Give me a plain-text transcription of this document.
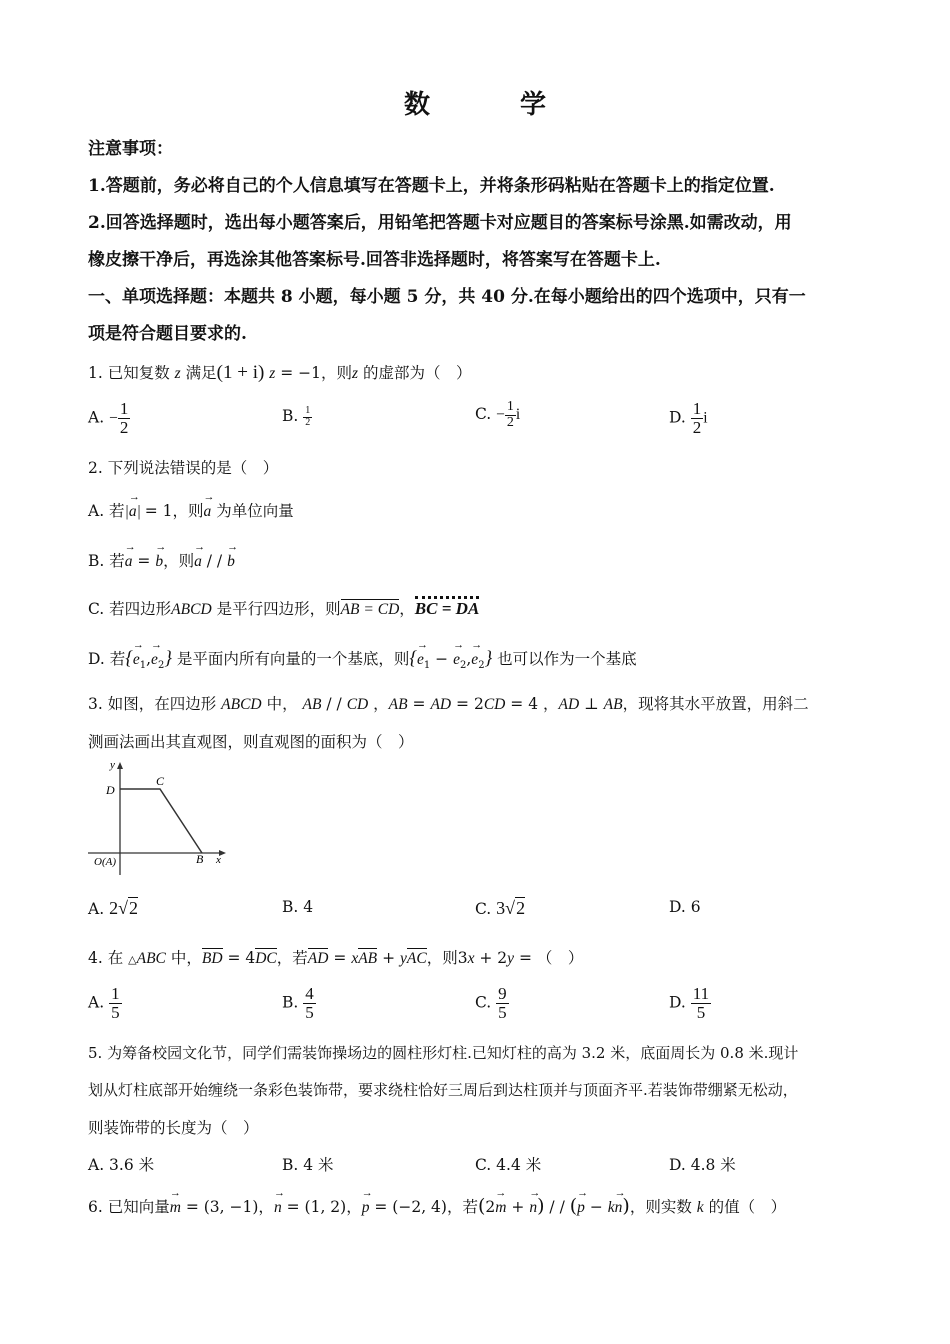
数	学
注意事项：
1.答题前，务必将自己的个人信息填写在答题卡上，并将条形码粘贴在答题卡上的指定位置.
2.回答选择题时，选出每小题答案后，用铅笔把答题卡对应题目的答案标号涂黑.如需改动，用
橡皮擦干净后，再选涂其他答案标号.回答非选择题时，将答案写在答题卡上.
一、单项选择题：本题共 8 小题，每小题 5 分，共 40 分.在每小题给出的四个选项中，只有一
项是符合题目要求的.
1. 已知复数 z 满足(1 + i) z = −1，则z 的虚部为（　）
A. − $\frac{1}{2}$	B. $\frac{1}{2}$	C. − $\frac{1}{2}$ i	D. $\frac{1}{2}$ i
2. 下列说法错误的是（　）
A. 若|→ a| = 1，则→ a 为单位向量
B. 若→ a = → b，则→ a / / → b
C. 若四边形ABCD 是平行四边形，则AB = CD，BC = DA
D. 若{→ $e_1,\to e_2$} 是平面内所有向量的一个基底，则{→ $e_1$ − → $e_2,\to e_2$} 也可以作为一个基底
3. 如图，在四边形 ABCD 中， AB / / CD ，AB = AD = 2CD = 4 ，AD ⊥ AB，现将其水平放置，用斜二
测画法画出其直观图，则直观图的面积为（　）
y
x
C
D
O(A)	B
A. 2√2	B. 4	C. 3√2	D. 6
4. 在 △ABC 中，BD = 4DC，若AD = xAB + yAC，则3x + 2y = （　）
A. $\frac{1}{5}$	B. $\frac{4}{5}$	C. $\frac{9}{5}$	D. $\frac{11}{5}$
5. 为筹备校园文化节，同学们需装饰操场边的圆柱形灯柱.已知灯柱的高为 3.2 米，底面周长为 0.8 米.现计
划从灯柱底部开始缠绕一条彩色装饰带，要求绕柱恰好三周后到达柱顶并与顶面齐平.若装饰带绷紧无松动，
则装饰带的长度为（　）
A. 3.6 米	B. 4 米	C. 4.4 米	D. 4.8 米
6. 已知向量→ m = (3, −1)，→ n = (1, 2)，→ p = (−2, 4)，若(2→ m + → n) / / (→ p − k→ n)，则实数 k 的值（　）
